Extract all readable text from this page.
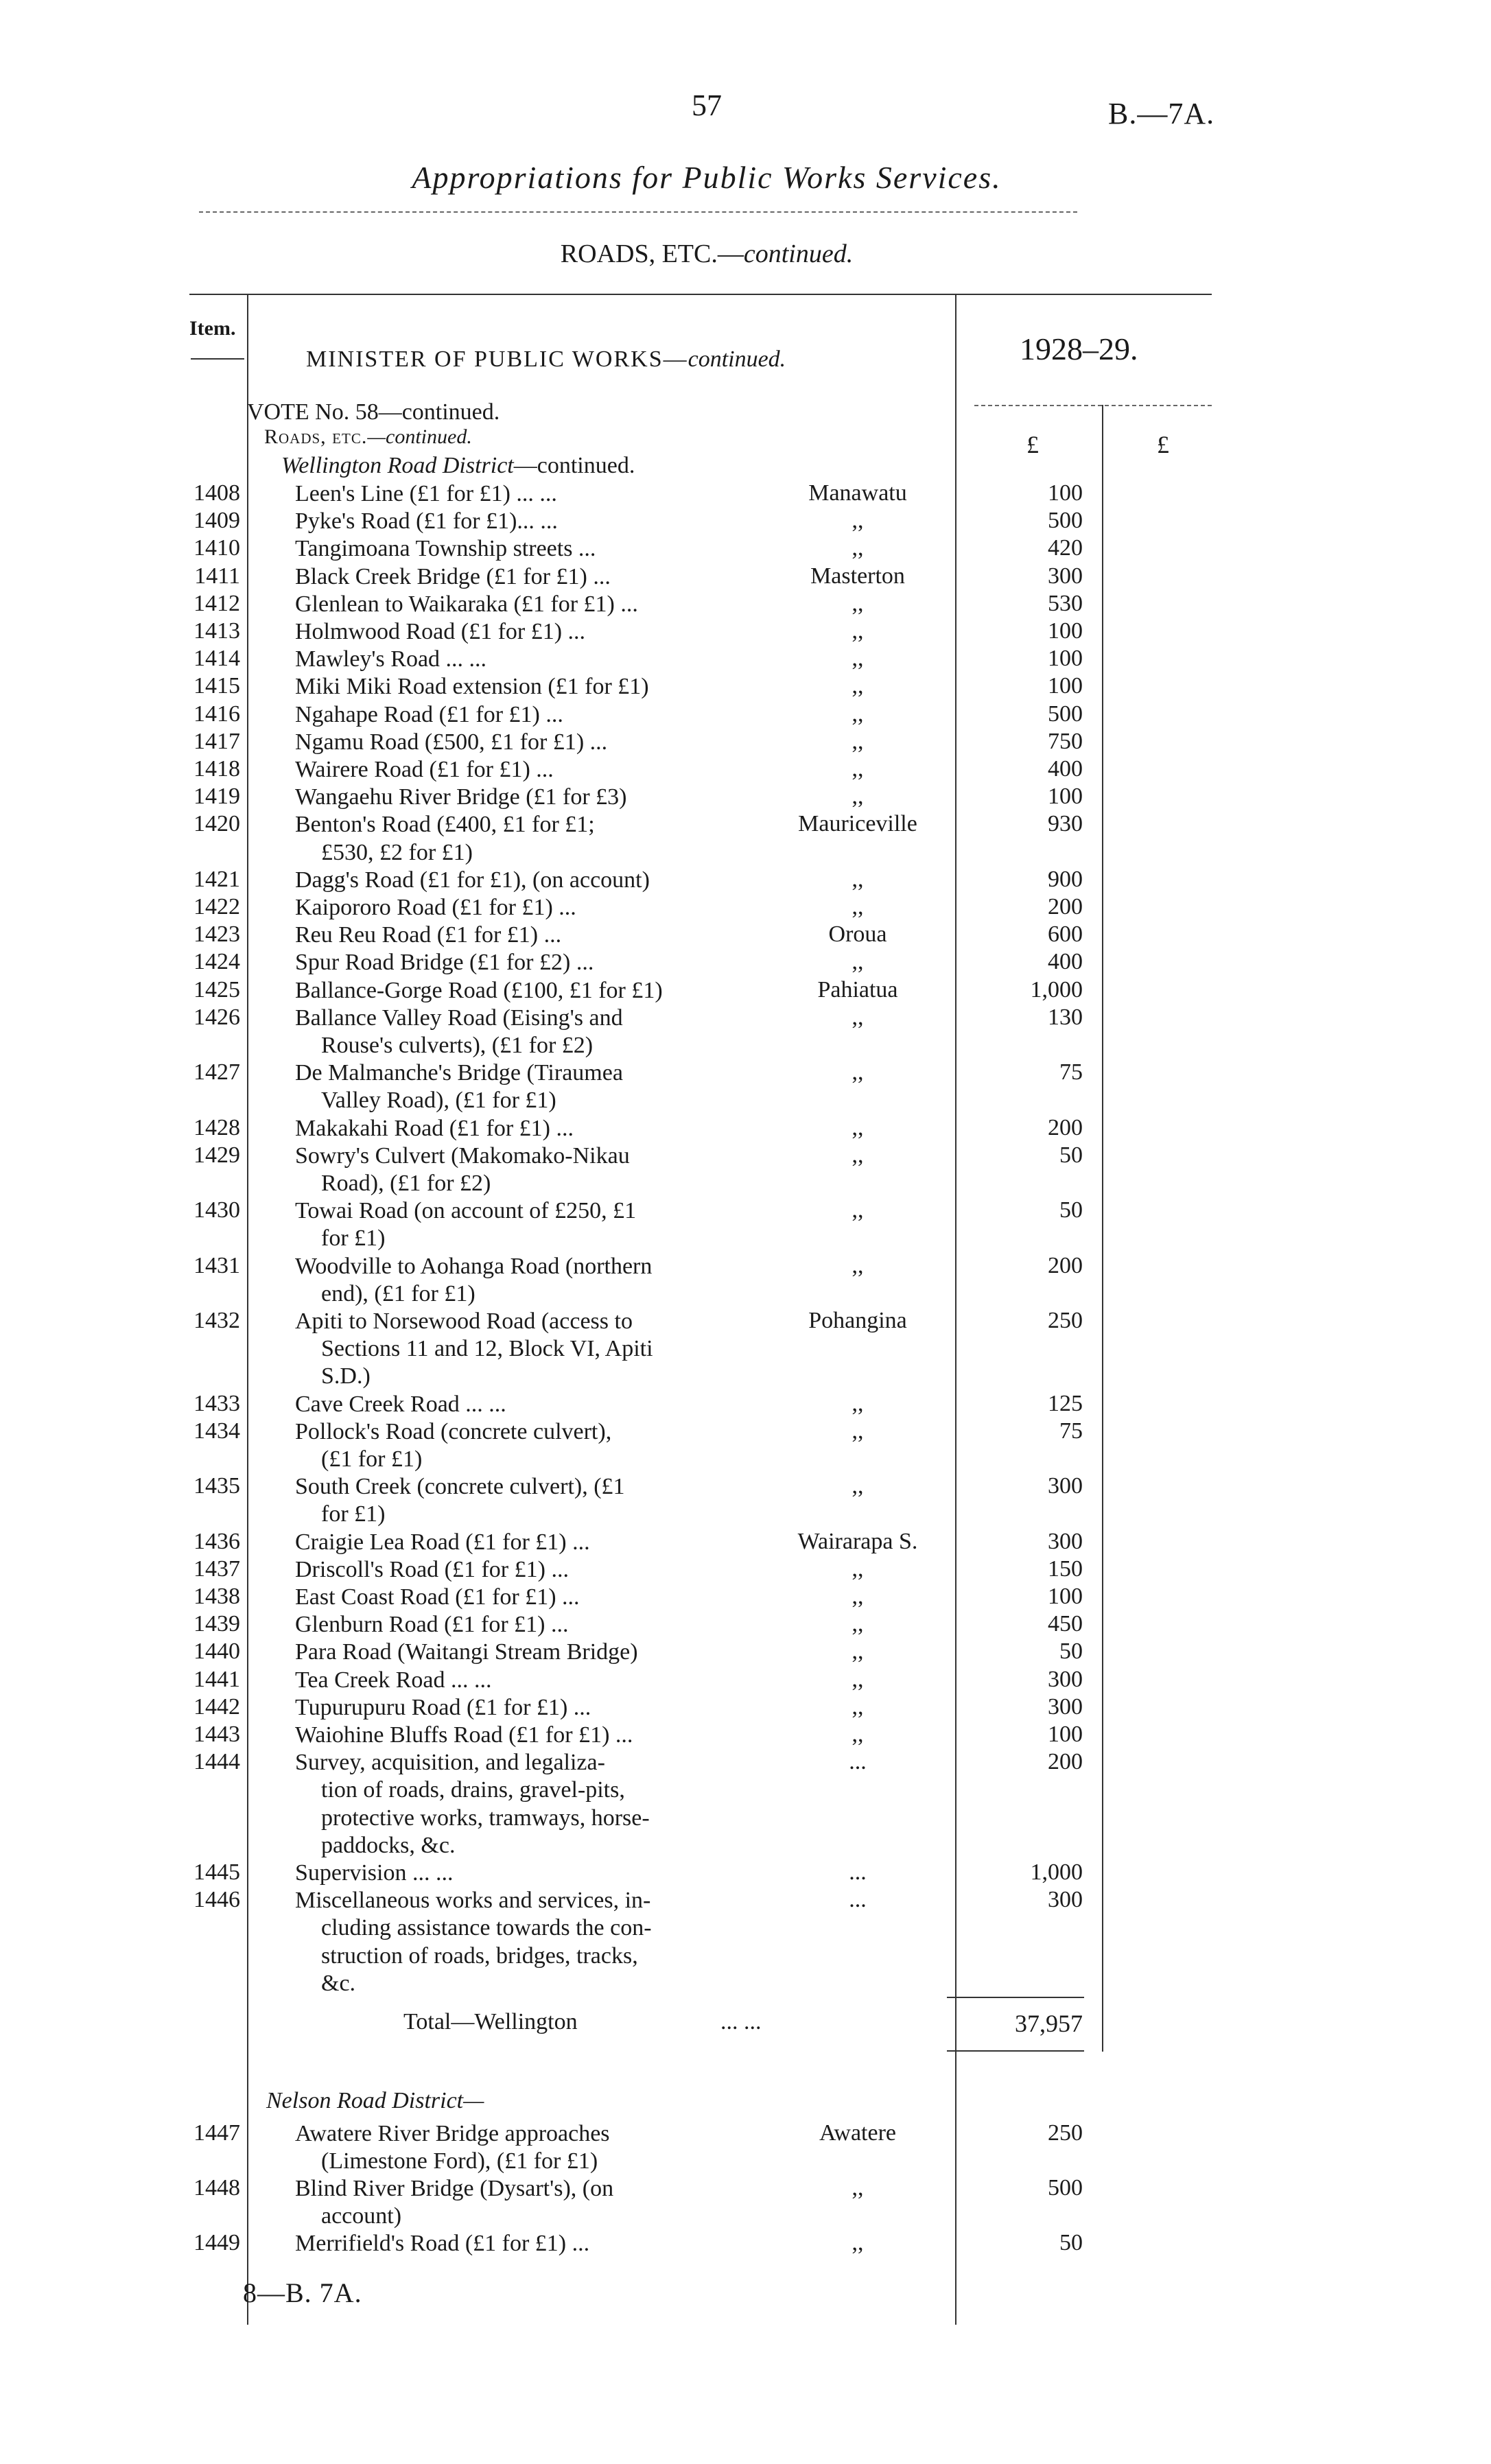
57	B.—7A.
Appropriations for Public Works Services.
ROADS, ETC.—continued.
Item.
MINISTER OF PUBLIC WORKS—continued.	1928–29.
£	£
VOTE No. 58—continued.
Roads, etc.—continued.
Wellington Road District—continued.
1408 Leen's Line (£1 for £1) ... ...	Manawatu	100
1409 Pyke's Road (£1 for £1)... ...	,,	500
1410 Tangimoana Township streets ...	,,	420
1411 Black Creek Bridge (£1 for £1) ...	Masterton	300
1412 Glenlean to Waikaraka (£1 for £1) ...	,,	530
1413 Holmwood Road (£1 for £1) ...	,,	100
1414 Mawley's Road ... ...	,,	100
1415 Miki Miki Road extension (£1 for £1)	,,	100
1416 Ngahape Road (£1 for £1) ...	,,	500
1417 Ngamu Road (£500, £1 for £1) ...	,,	750
1418 Wairere Road (£1 for £1) ...	,,	400
1419 Wangaehu River Bridge (£1 for £3)	,,	100
1420 Benton's Road (£400, £1 for £1;
£530, £2 for £1)
Mauriceville	930
1421 Dagg's Road (£1 for £1), (on account)	,,	900
1422 Kaipororo Road (£1 for £1) ...	,,	200
1423 Reu Reu Road (£1 for £1) ...	Oroua	600
1424 Spur Road Bridge (£1 for £2) ...	,,	400
1425 Ballance-Gorge Road (£100, £1 for £1)	Pahiatua	1,000
1426 Ballance Valley Road (Eising's and
Rouse's culverts), (£1 for £2)
,,	130
1427 De Malmanche's Bridge (Tiraumea
Valley Road), (£1 for £1)
,,	75
1428 Makakahi Road (£1 for £1) ...	,,	200
1429 Sowry's Culvert (Makomako-Nikau
Road), (£1 for £2)
,,	50
1430 Towai Road (on account of £250, £1
for £1)
,,	50
1431 Woodville to Aohanga Road (northern
end), (£1 for £1)
,,	200
1432 Apiti to Norsewood Road (access to
Sections 11 and 12, Block VI, Apiti
S.D.)
Pohangina	250
1433 Cave Creek Road ... ...	,,	125
1434 Pollock's Road (concrete culvert),
(£1 for £1)
,,	75
1435 South Creek (concrete culvert), (£1
for £1)
,,	300
1436 Craigie Lea Road (£1 for £1) ...	Wairarapa S.	300
1437 Driscoll's Road (£1 for £1) ...	,,	150
1438 East Coast Road (£1 for £1) ...	,,	100
1439 Glenburn Road (£1 for £1) ...	,,	450
1440 Para Road (Waitangi Stream Bridge)	,,	50
1441 Tea Creek Road ... ...	,,	300
1442 Tupurupuru Road (£1 for £1) ...	,,	300
1443 Waiohine Bluffs Road (£1 for £1) ...	,,	100
1444 Survey, acquisition, and legaliza-
tion of roads, drains, gravel-pits,
protective works, tramways, horse-
paddocks, &c.
...	200
1445 Supervision ... ...	...	1,000
1446 Miscellaneous works and services, in-
cluding assistance towards the con-
struction of roads, bridges, tracks,
&c.
...	300
Total—Wellington	... ...	37,957
Nelson Road District—
1447 Awatere River Bridge approaches
(Limestone Ford), (£1 for £1)
Awatere	250
1448 Blind River Bridge (Dysart's), (on
account)
,,	500
1449 Merrifield's Road (£1 for £1) ...	,,	50
8—B. 7A.
